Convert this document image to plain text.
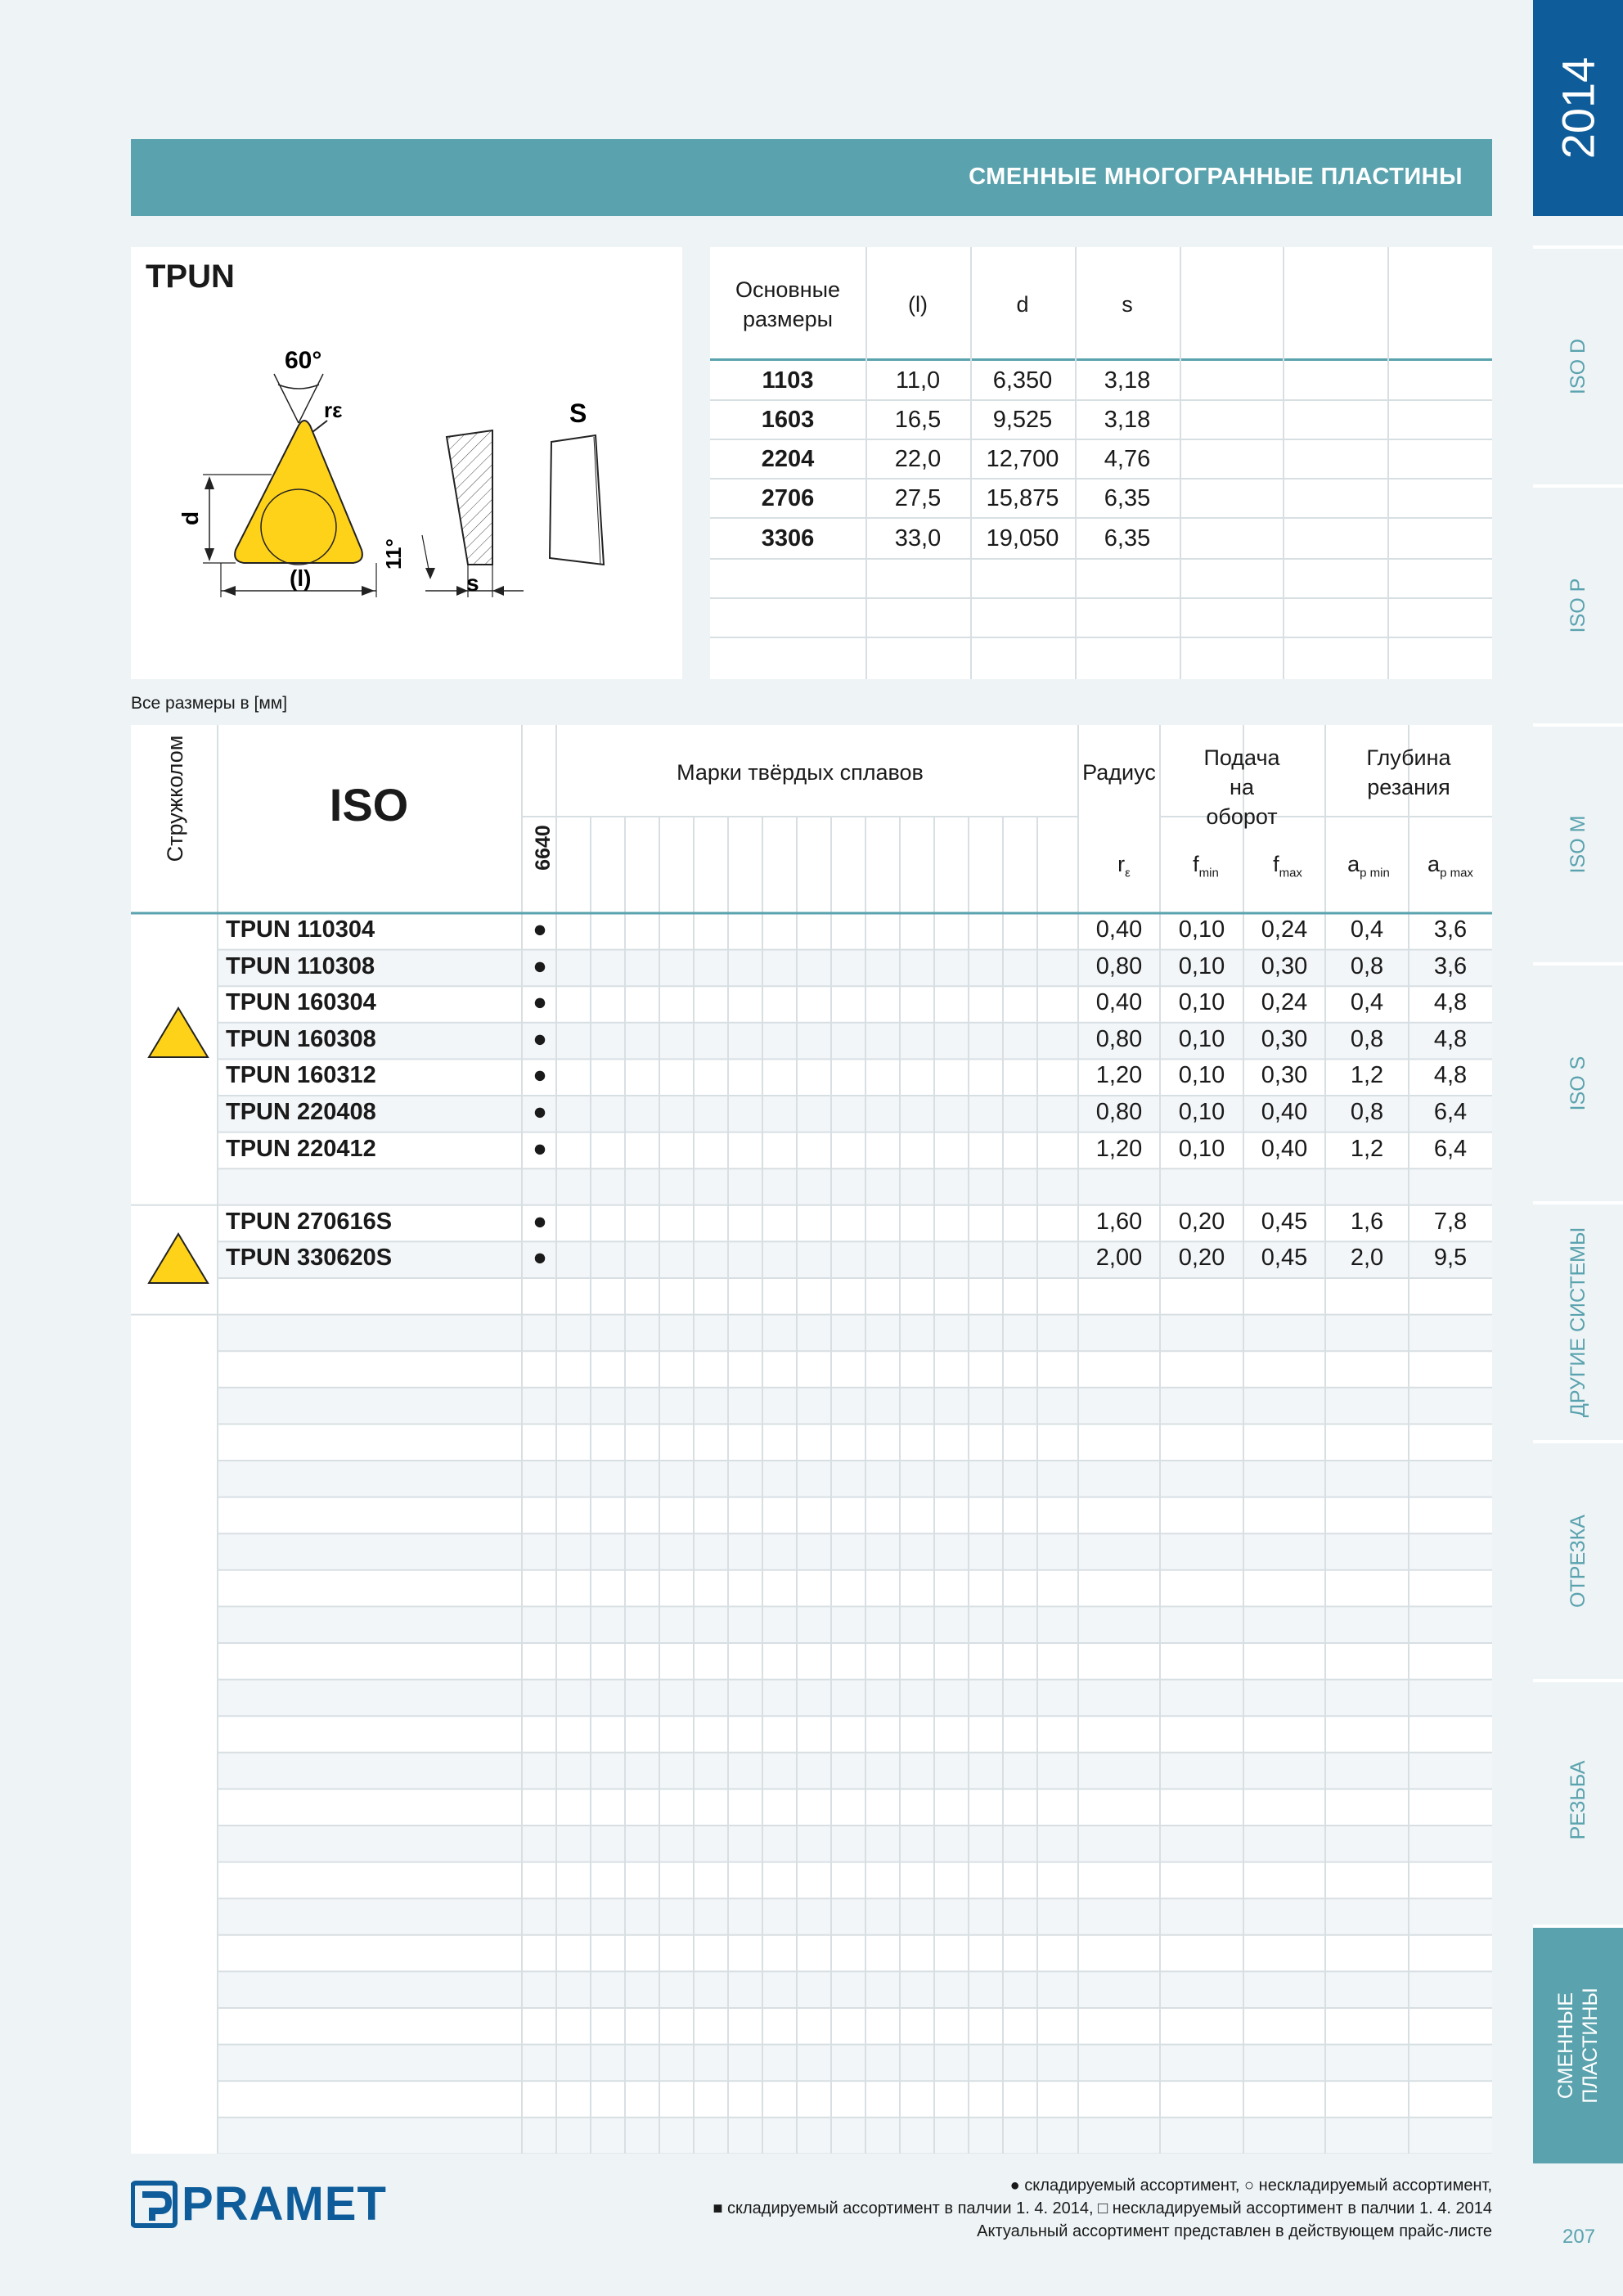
СМЕННЫЕ МНОГОГРАННЫЕ ПЛАСТИНЫ
2014
ISO D
ISO P
ISO M
ISO S
ДРУГИЕ СИСТЕМЫ
ОТРЕЗКА
РЕЗЬБА
СМЕННЫЕ ПЛАСТИНЫ
207
TPUN
60°
rε
d
(l)	s
11°
S
Основные размеры
(l)	d	s
1103	11,0	6,350	3,18
1603	16,5	9,525	3,18
2204	22,0	12,700	4,76
2706	27,5	15,875	6,35
3306	33,0	19,050	6,35
Все размеры в [мм]
Стружколом	ISO
Марки твёрдых сплавов	Радиус
Подача на оборот
Глубина резания
6640	$r_\varepsilon$	$f_{min}$	$f_{max}$	$a_{p min}$	$a_{p max}$
TPUN 110304	●	0,40	0,10	0,24	0,4	3,6
TPUN 110308	●	0,80	0,10	0,30	0,8	3,6
TPUN 160304	●	0,40	0,10	0,24	0,4	4,8
TPUN 160308	●	0,80	0,10	0,30	0,8	4,8
TPUN 160312	●	1,20	0,10	0,30	1,2	4,8
TPUN 220408	●	0,80	0,10	0,40	0,8	6,4
TPUN 220412	●	1,20	0,10	0,40	1,2	6,4
TPUN 270616S	●	1,60	0,20	0,45	1,6	7,8
TPUN 330620S	●	2,00	0,20	0,45	2,0	9,5
PRAMET	● складируемый ассортимент, ○ нескладируемый ассортимент,
■ складируемый ассортимент в палчии 1. 4. 2014, □ нескладируемый ассортимент в палчии 1. 4. 2014
Актуальный ассортимент представлен в действующем прайс-листе
